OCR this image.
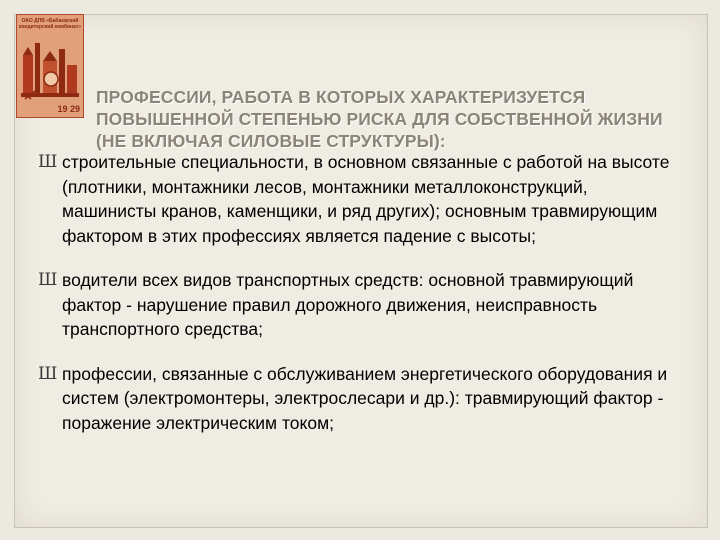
ОАО ДПВ «Бабаевский кондитерский комбинат»
19 29
ПРОФЕССИИ, РАБОТА В КОТОРЫХ ХАРАКТЕРИЗУЕТСЯ ПОВЫШЕННОЙ СТЕПЕНЬЮ РИСКА ДЛЯ СОБСТВЕННОЙ ЖИЗНИ (НЕ ВКЛЮЧАЯ СИЛОВЫЕ СТРУКТУРЫ):
Ш строительные специальности, в основном связанные с работой на высоте (плотники, монтажники лесов, монтажники металлоконструкций, машинисты кранов, каменщики, и ряд других); основным травмирующим фактором в этих профессиях является падение с высоты;
Ш водители всех видов транспортных средств: основной травмирующий фактор - нарушение правил дорожного движения, неисправность транспортного средства;
Ш профессии, связанные с обслуживанием энергетического оборудования и систем (электромонтеры, электрослесари и др.): травмирующий фактор - поражение электрическим током;
